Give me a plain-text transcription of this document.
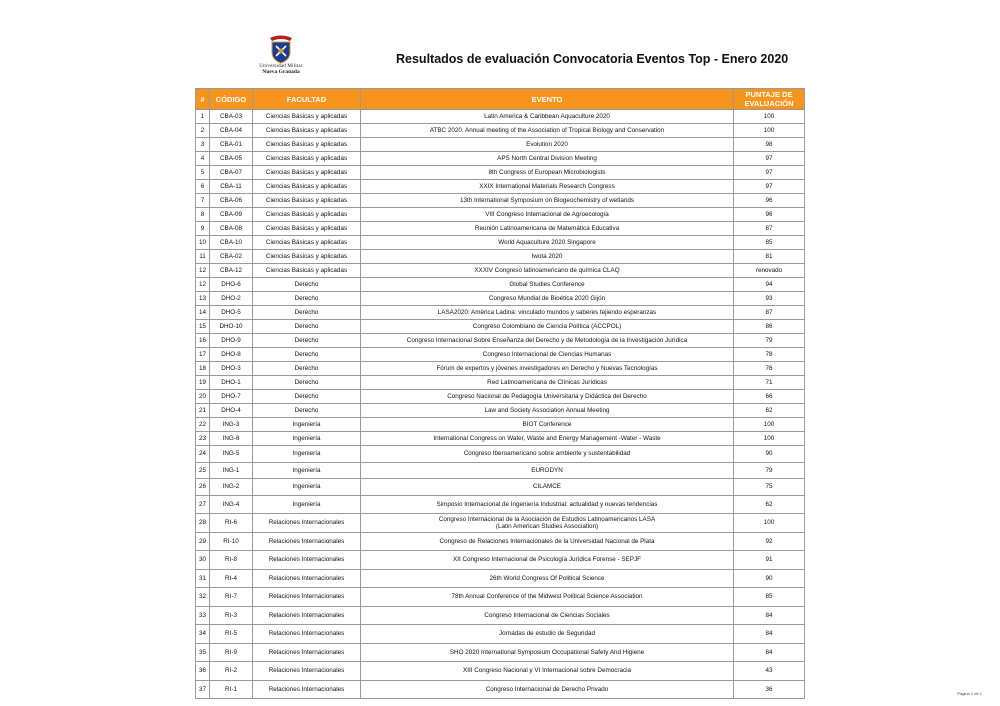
Universidad Militar
Nueva Granada
Resultados de evaluación Convocatoria Eventos Top - Enero 2020
#	CÓDIGO	FACULTAD	EVENTO	PUNTAJE DE
EVALUACIÓN
1	CBA-03	Ciencias Básicas y aplicadas	Latin America & Caribbean Aquaculture 2020	100
2	CBA-04	Ciencias Básicas y aplicadas	ATBC 2020. Annual meeting of the Association of Tropical Biology and Conservation	100
3	CBA-01	Ciencias Básicas y aplicadas	Evolution 2020	98
4	CBA-05	Ciencias Básicas y aplicadas	APS North Central Division Meeting	97
5	CBA-07	Ciencias Básicas y aplicadas	8th Congress of European Microbiologists	97
6	CBA-11	Ciencias Básicas y aplicadas	XXIX International Materials Research Congress	97
7	CBA-06	Ciencias Básicas y aplicadas	13th International Symposium on Biogeochemistry of wetlands	96
8	CBA-09	Ciencias Básicas y aplicadas	VIII Congreso Internacional de Agroecología	96
9	CBA-08	Ciencias Básicas y aplicadas	Reunión Latinoamericana de Matemática Educativa	87
10	CBA-10	Ciencias Básicas y aplicadas	World Aquaculture 2020 Singapore	85
11	CBA-02	Ciencias Básicas y aplicadas	Iwota 2020	81
12	CBA-12	Ciencias Básicas y aplicadas	XXXIV Congreso latinoamericano de química CLAQ	renovado
12	DHO-6	Derecho	Global Studies Conference	94
13	DHO-2	Derecho	Congreso Mundial de Bioética 2020 Gijón	93
14	DHO-5	Derecho	LASA2020: Amërica Ladina: vinculado mundos y saberes tejiendo esperanzas	87
15	DHO-10	Derecho	Congreso Colombiano de Ciencia Política (ACCPOL)	86
16	DHO-9	Derecho	Congreso Internacional Sobre Enseñanza del Derecho y de Metodología de la Investigación Jurídica	79
17	DHO-8	Derecho	Congreso Internacional de Ciencias Humanas	78
18	DHO-3	Derecho	Fórum de expertos y jóvenes investigadores en Derecho y Nuevas Tecnologías	76
19	DHO-1	Derecho	Red Latinoamericana de Clínicas Jurídicas	71
20	DHO-7	Derecho	Congreso Nacional de Pedagogía Universitaria y Didáctica del Derecho	66
21	DHO-4	Derecho	Law and Society Association Annual Meeting	62
22	ING-3	Ingeniería	BIOT Conference	100
23	ING-6	Ingeniería	International Congress on Water, Waste and Energy Management -Water - Waste	100
24	ING-5	Ingeniería	Congreso Iberoamericano sobre ambiente y sustentabilidad	90
25	ING-1	Ingeniería	EURODYN	79
26	ING-2	Ingeniería	CILAMCE	75
27	ING-4	Ingeniería	Simposio Internacional de Ingeniería Industrial: actualidad y nuevas tendencias	62
28	RI-6	Relaciones Internacionales	Congreso Internacional de la Asociación de Estudios Latinoamericanos LASA
(Latin American Studies Association)	100
29	RI-10	Relaciones Internacionales	Congreso de Relaciones Internacionales de la Universidad Nacional de Plata	92
30	RI-8	Relaciones Internacionales	XII Congreso Internacional de Psicología Jurídica Forense - SEPJF	91
31	RI-4	Relaciones Internacionales	26th World Congress Of Political Science	90
32	RI-7	Relaciones Internacionales	78th Annual Conference of the Midwest Political Science Association	85
33	RI-3	Relaciones Internacionales	Congreso Internacional de Ciencias Sociales	84
34	RI-5	Relaciones Internacionales	Jornadas de estudio de Seguridad	84
35	RI-9	Relaciones Internacionales	SHO 2020 International Symposium Occupational Safety And Higiene	84
36	RI-2	Relaciones Internacionales	XIII Congreso Nacional y VI Internacional sobre Democracia	43
37	RI-1	Relaciones Internacionales	Congreso Internacional de Derecho Privado	36
Página 1 de 1
